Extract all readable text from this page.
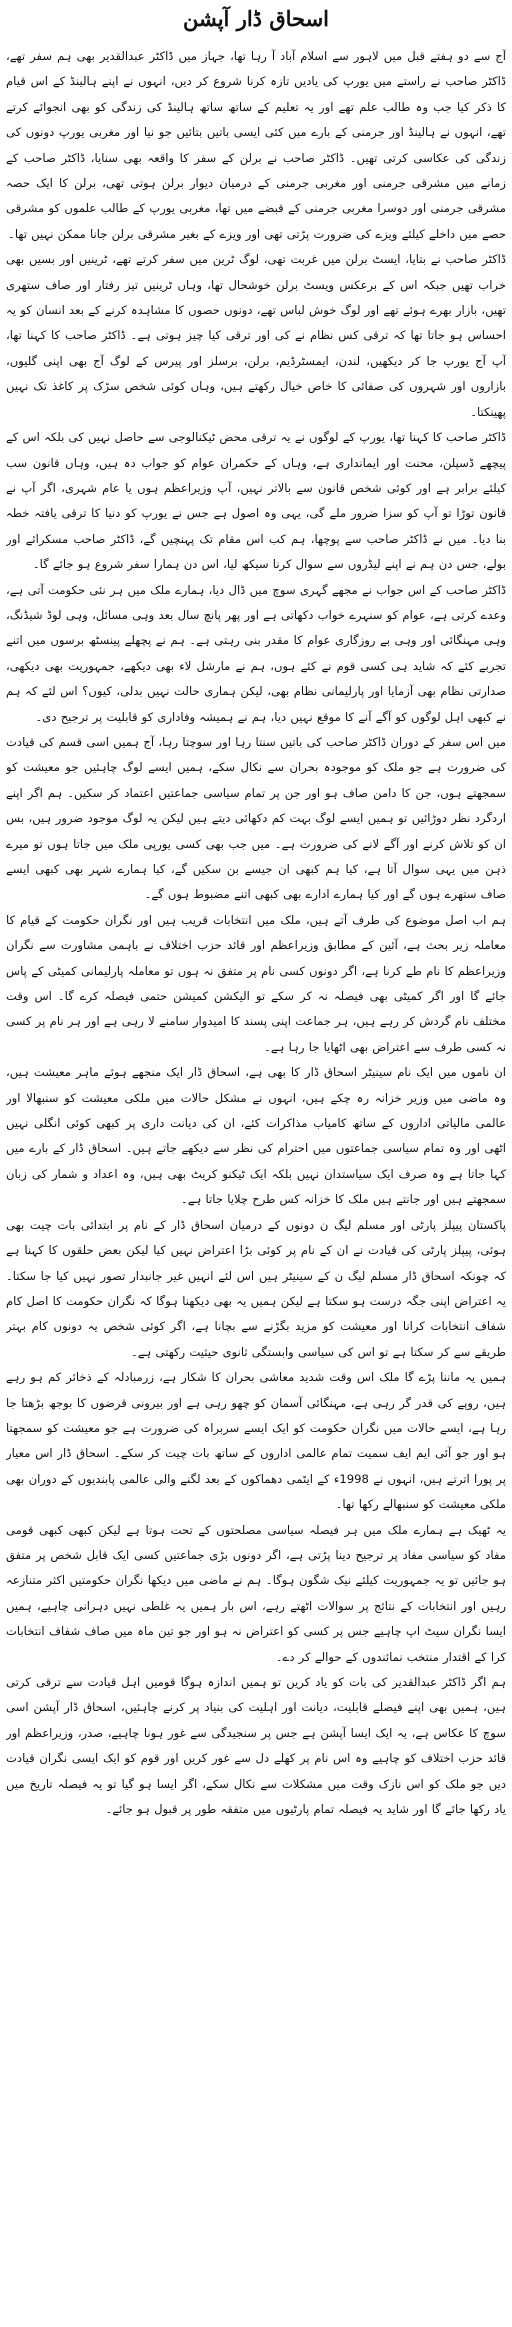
اسحاق ڈار آپشن

آج سے دو ہفتے قبل میں لاہور سے اسلام آباد آ رہا تھا، جہاز میں ڈاکٹر عبدالقدیر بھی ہم سفر تھے، ڈاکٹر صاحب نے راستے میں یورپ کی یادیں تازہ کرنا شروع کر دیں، انہوں نے اپنے ہالینڈ کے اس قیام کا ذکر کیا جب وہ طالب علم تھے اور یہ تعلیم کے ساتھ ساتھ ہالینڈ کی زندگی کو بھی انجوائے کرتے تھے، انہوں نے ہالینڈ اور جرمنی کے بارے میں کئی ایسی باتیں بتائیں جو نیا اور مغربی یورپ دونوں کی زندگی کی عکاسی کرتی تھیں۔ ڈاکٹر صاحب نے برلن کے سفر کا واقعہ بھی سنایا، ڈاکٹر صاحب کے زمانے میں مشرقی جرمنی اور مغربی جرمنی کے درمیان دیوار برلن ہوتی تھی، برلن کا ایک حصہ مشرقی جرمنی اور دوسرا مغربی جرمنی کے قبضے میں تھا، مغربی یورپ کے طالب علموں کو مشرقی حصے میں داخلے کیلئے ویزے کی ضرورت پڑتی تھی اور ویزے کے بغیر مشرقی برلن جانا ممکن نہیں تھا۔

ڈاکٹر صاحب نے بتایا، ایسٹ برلن میں غربت تھی، لوگ ٹرین میں سفر کرتے تھے، ٹرینیں اور بسیں بھی خراب تھیں جبکہ اس کے برعکس ویسٹ برلن خوشحال تھا، وہاں ٹرینیں تیز رفتار اور صاف ستھری تھیں، بازار بھرے ہوئے تھے اور لوگ خوش لباس تھے، دونوں حصوں کا مشاہدہ کرنے کے بعد انسان کو یہ احساس ہو جاتا تھا کہ ترقی کس نظام نے کی اور ترقی کیا چیز ہوتی ہے۔ ڈاکٹر صاحب کا کہنا تھا، آپ آج یورپ جا کر دیکھیں، لندن، ایمسٹرڈیم، برلن، برسلز اور پیرس کے لوگ آج بھی اپنی گلیوں، بازاروں اور شہروں کی صفائی کا خاص خیال رکھتے ہیں، وہاں کوئی شخص سڑک پر کاغذ تک نہیں پھینکتا۔

ڈاکٹر صاحب کا کہنا تھا، یورپ کے لوگوں نے یہ ترقی محض ٹیکنالوجی سے حاصل نہیں کی بلکہ اس کے پیچھے ڈسپلن، محنت اور ایمانداری ہے، وہاں کے حکمران عوام کو جواب دہ ہیں، وہاں قانون سب کیلئے برابر ہے اور کوئی شخص قانون سے بالاتر نہیں، آپ وزیراعظم ہوں یا عام شہری، اگر آپ نے قانون توڑا تو آپ کو سزا ضرور ملے گی، یہی وہ اصول ہے جس نے یورپ کو دنیا کا ترقی یافتہ خطہ بنا دیا۔ میں نے ڈاکٹر صاحب سے پوچھا، ہم کب اس مقام تک پہنچیں گے، ڈاکٹر صاحب مسکرائے اور بولے، جس دن ہم نے اپنے لیڈروں سے سوال کرنا سیکھ لیا، اس دن ہمارا سفر شروع ہو جائے گا۔

ڈاکٹر صاحب کے اس جواب نے مجھے گہری سوچ میں ڈال دیا، ہمارے ملک میں ہر نئی حکومت آتی ہے، وعدے کرتی ہے، عوام کو سنہرے خواب دکھاتی ہے اور پھر پانچ سال بعد وہی مسائل، وہی لوڈ شیڈنگ، وہی مہنگائی اور وہی بے روزگاری عوام کا مقدر بنی رہتی ہے۔ ہم نے پچھلے پینسٹھ برسوں میں اتنے تجربے کئے کہ شاید ہی کسی قوم نے کئے ہوں، ہم نے مارشل لاء بھی دیکھے، جمہوریت بھی دیکھی، صدارتی نظام بھی آزمایا اور پارلیمانی نظام بھی، لیکن ہماری حالت نہیں بدلی، کیوں؟ اس لئے کہ ہم نے کبھی اہل لوگوں کو آگے آنے کا موقع نہیں دیا، ہم نے ہمیشہ وفاداری کو قابلیت پر ترجیح دی۔

میں اس سفر کے دوران ڈاکٹر صاحب کی باتیں سنتا رہا اور سوچتا رہا، آج ہمیں اسی قسم کی قیادت کی ضرورت ہے جو ملک کو موجودہ بحران سے نکال سکے، ہمیں ایسے لوگ چاہئیں جو معیشت کو سمجھتے ہوں، جن کا دامن صاف ہو اور جن پر تمام سیاسی جماعتیں اعتماد کر سکیں۔ ہم اگر اپنے اردگرد نظر دوڑائیں تو ہمیں ایسے لوگ بہت کم دکھائی دیتے ہیں لیکن یہ لوگ موجود ضرور ہیں، بس ان کو تلاش کرنے اور آگے لانے کی ضرورت ہے۔ میں جب بھی کسی یورپی ملک میں جاتا ہوں تو میرے ذہن میں یہی سوال آتا ہے، کیا ہم کبھی ان جیسے بن سکیں گے، کیا ہمارے شہر بھی کبھی ایسے صاف ستھرے ہوں گے اور کیا ہمارے ادارے بھی کبھی اتنے مضبوط ہوں گے۔

ہم اب اصل موضوع کی طرف آتے ہیں، ملک میں انتخابات قریب ہیں اور نگران حکومت کے قیام کا معاملہ زیر بحث ہے، آئین کے مطابق وزیراعظم اور قائد حزب اختلاف نے باہمی مشاورت سے نگران وزیراعظم کا نام طے کرنا ہے، اگر دونوں کسی نام پر متفق نہ ہوں تو معاملہ پارلیمانی کمیٹی کے پاس جائے گا اور اگر کمیٹی بھی فیصلہ نہ کر سکے تو الیکشن کمیشن حتمی فیصلہ کرے گا۔ اس وقت مختلف نام گردش کر رہے ہیں، ہر جماعت اپنی پسند کا امیدوار سامنے لا رہی ہے اور ہر نام پر کسی نہ کسی طرف سے اعتراض بھی اٹھایا جا رہا ہے۔

ان ناموں میں ایک نام سینیٹر اسحاق ڈار کا بھی ہے، اسحاق ڈار ایک منجھے ہوئے ماہر معیشت ہیں، وہ ماضی میں وزیر خزانہ رہ چکے ہیں، انہوں نے مشکل حالات میں ملکی معیشت کو سنبھالا اور عالمی مالیاتی اداروں کے ساتھ کامیاب مذاکرات کئے، ان کی دیانت داری پر کبھی کوئی انگلی نہیں اٹھی اور وہ تمام سیاسی جماعتوں میں احترام کی نظر سے دیکھے جاتے ہیں۔ اسحاق ڈار کے بارے میں کہا جاتا ہے وہ صرف ایک سیاستدان نہیں بلکہ ایک ٹیکنو کریٹ بھی ہیں، وہ اعداد و شمار کی زبان سمجھتے ہیں اور جانتے ہیں ملک کا خزانہ کس طرح چلایا جاتا ہے۔

پاکستان پیپلز پارٹی اور مسلم لیگ ن دونوں کے درمیان اسحاق ڈار کے نام پر ابتدائی بات چیت بھی ہوئی، پیپلز پارٹی کی قیادت نے ان کے نام پر کوئی بڑا اعتراض نہیں کیا لیکن بعض حلقوں کا کہنا ہے کہ چونکہ اسحاق ڈار مسلم لیگ ن کے سینیٹر ہیں اس لئے انہیں غیر جانبدار تصور نہیں کیا جا سکتا۔ یہ اعتراض اپنی جگہ درست ہو سکتا ہے لیکن ہمیں یہ بھی دیکھنا ہوگا کہ نگران حکومت کا اصل کام شفاف انتخابات کرانا اور معیشت کو مزید بگڑنے سے بچانا ہے، اگر کوئی شخص یہ دونوں کام بہتر طریقے سے کر سکتا ہے تو اس کی سیاسی وابستگی ثانوی حیثیت رکھتی ہے۔

ہمیں یہ ماننا پڑے گا ملک اس وقت شدید معاشی بحران کا شکار ہے، زرمبادلہ کے ذخائر کم ہو رہے ہیں، روپے کی قدر گر رہی ہے، مہنگائی آسمان کو چھو رہی ہے اور بیرونی قرضوں کا بوجھ بڑھتا جا رہا ہے، ایسے حالات میں نگران حکومت کو ایک ایسے سربراہ کی ضرورت ہے جو معیشت کو سمجھتا ہو اور جو آئی ایم ایف سمیت تمام عالمی اداروں کے ساتھ بات چیت کر سکے۔ اسحاق ڈار اس معیار پر پورا اترتے ہیں، انہوں نے 1998ء کے ایٹمی دھماکوں کے بعد لگنے والی عالمی پابندیوں کے دوران بھی ملکی معیشت کو سنبھالے رکھا تھا۔

یہ ٹھیک ہے ہمارے ملک میں ہر فیصلہ سیاسی مصلحتوں کے تحت ہوتا ہے لیکن کبھی کبھی قومی مفاد کو سیاسی مفاد پر ترجیح دینا پڑتی ہے، اگر دونوں بڑی جماعتیں کسی ایک قابل شخص پر متفق ہو جائیں تو یہ جمہوریت کیلئے نیک شگون ہوگا۔ ہم نے ماضی میں دیکھا نگران حکومتیں اکثر متنازعہ رہیں اور انتخابات کے نتائج پر سوالات اٹھتے رہے، اس بار ہمیں یہ غلطی نہیں دہرانی چاہیے، ہمیں ایسا نگران سیٹ اپ چاہیے جس پر کسی کو اعتراض نہ ہو اور جو تین ماہ میں صاف شفاف انتخابات کرا کے اقتدار منتخب نمائندوں کے حوالے کر دے۔

ہم اگر ڈاکٹر عبدالقدیر کی بات کو یاد کریں تو ہمیں اندازہ ہوگا قومیں اہل قیادت سے ترقی کرتی ہیں، ہمیں بھی اپنے فیصلے قابلیت، دیانت اور اہلیت کی بنیاد پر کرنے چاہئیں، اسحاق ڈار آپشن اسی سوچ کا عکاس ہے، یہ ایک ایسا آپشن ہے جس پر سنجیدگی سے غور ہونا چاہیے، صدر، وزیراعظم اور قائد حزب اختلاف کو چاہیے وہ اس نام پر کھلے دل سے غور کریں اور قوم کو ایک ایسی نگران قیادت دیں جو ملک کو اس نازک وقت میں مشکلات سے نکال سکے، اگر ایسا ہو گیا تو یہ فیصلہ تاریخ میں یاد رکھا جائے گا اور شاید یہ فیصلہ تمام پارٹیوں میں متفقہ طور پر قبول ہو جائے۔
